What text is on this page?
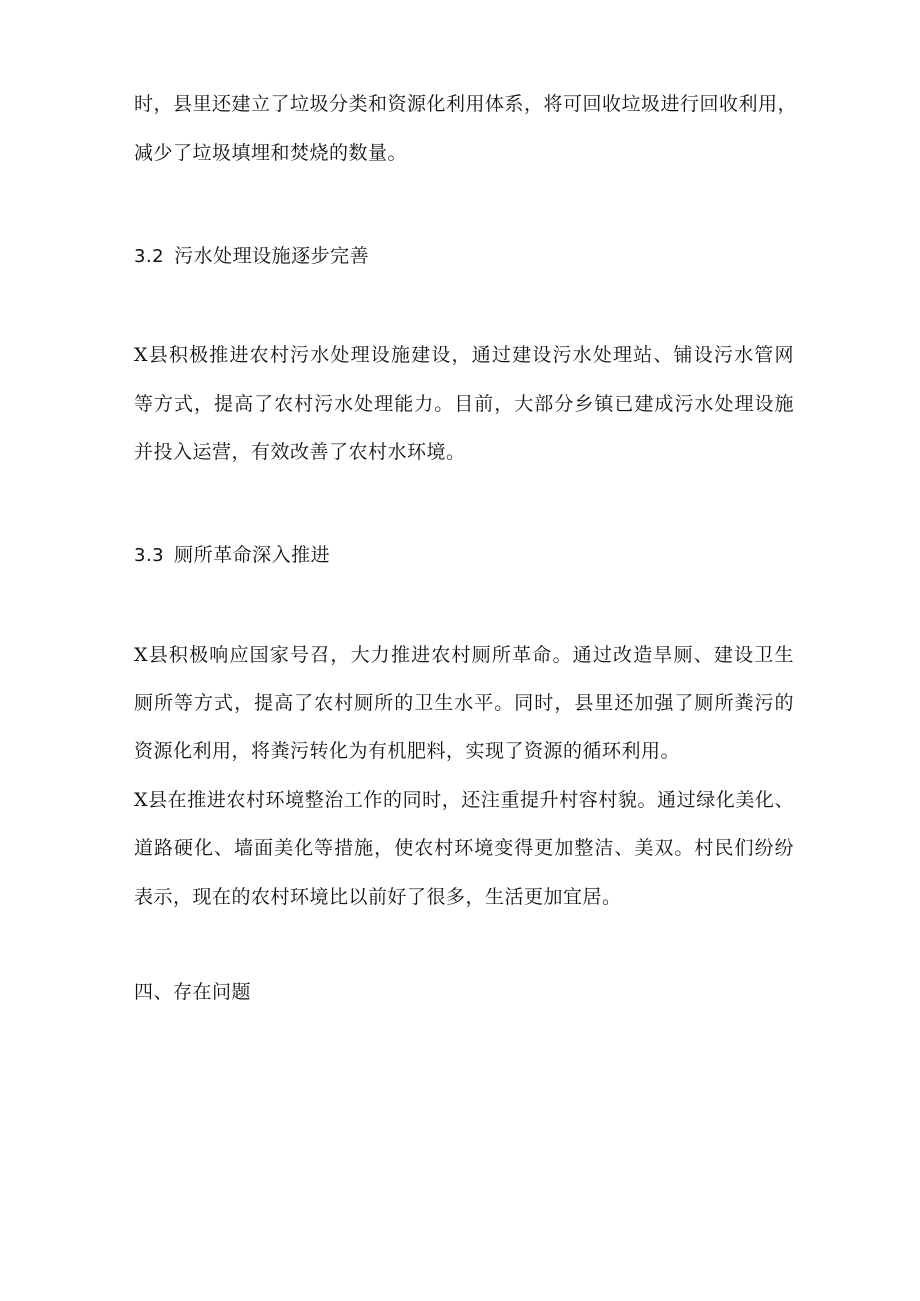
时，县里还建立了垃圾分类和资源化利用体系，将可回收垃圾进行回收利用，
减少了垃圾填埋和焚烧的数量。
3.2 污水处理设施逐步完善
X县积极推进农村污水处理设施建设，通过建设污水处理站、铺设污水管网
等方式，提高了农村污水处理能力。目前，大部分乡镇已建成污水处理设施
并投入运营，有效改善了农村水环境。
3.3 厕所革命深入推进
X县积极响应国家号召，大力推进农村厕所革命。通过改造旱厕、建设卫生
厕所等方式，提高了农村厕所的卫生水平。同时，县里还加强了厕所粪污的
资源化利用，将粪污转化为有机肥料，实现了资源的循环利用。
X县在推进农村环境整治工作的同时，还注重提升村容村貌。通过绿化美化、
道路硬化、墙面美化等措施，使农村环境变得更加整洁、美双。村民们纷纷
表示，现在的农村环境比以前好了很多，生活更加宜居。
四、存在问题
